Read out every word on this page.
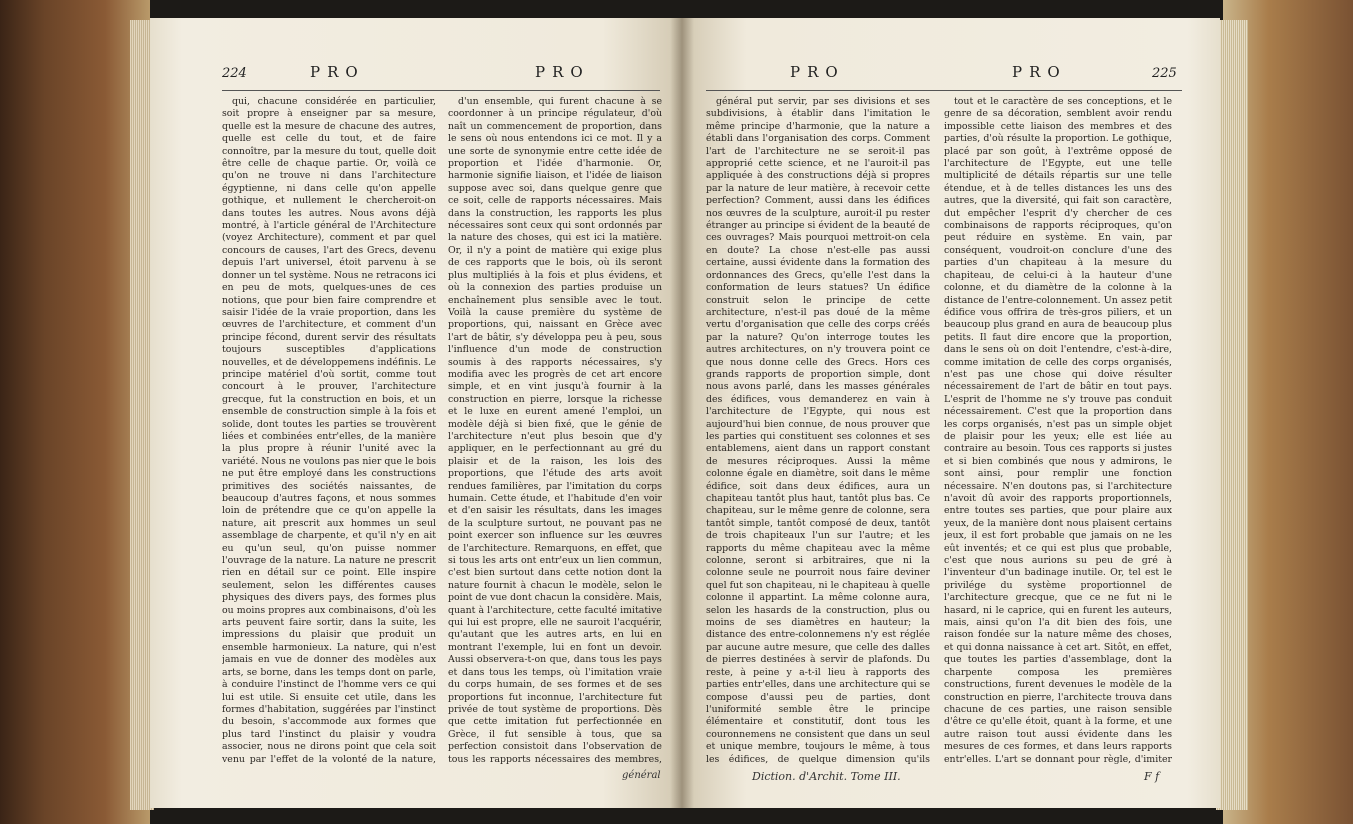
224	PRO	PRO

qui, chacune considérée en particulier, soit propre à enseigner par sa mesure, quelle est la mesure de chacune des autres, quelle est celle du tout, et de faire connoître, par la mesure du tout, quelle doit être celle de chaque partie. Or, voilà ce qu'on ne trouve ni dans l'architecture égyptienne, ni dans celle qu'on appelle gothique, et nullement le chercheroit-on dans toutes les autres. Nous avons déjà montré, à l'article général de l'Architecture (voyez Architecture), comment et par quel concours de causes, l'art des Grecs, devenu depuis l'art universel, étoit parvenu à se donner un tel système. Nous ne retracons ici en peu de mots, quelques-unes de ces notions, que pour bien faire comprendre et saisir l'idée de la vraie proportion, dans les œuvres de l'architecture, et comment d'un principe fécond, durent servir des résultats toujours susceptibles d'applications nouvelles, et de développemens indéfinis. Le principe matériel d'où sortit, comme tout concourt à le prouver, l'architecture grecque, fut la construction en bois, et un ensemble de construction simple à la fois et solide, dont toutes les parties se trouvèrent liées et combinées entr'elles, de la manière la plus propre à réunir l'unité avec la variété. Nous ne voulons pas nier que le bois ne put être employé dans les constructions primitives des sociétés naissantes, de beaucoup d'autres façons, et nous sommes loin de prétendre que ce qu'on appelle la nature, ait prescrit aux hommes un seul assemblage de charpente, et qu'il n'y en ait eu qu'un seul, qu'on puisse nommer l'ouvrage de la nature. La nature ne prescrit rien en détail sur ce point. Elle inspire seulement, selon les différentes causes physiques des divers pays, des formes plus ou moins propres aux combinaisons, d'où les arts peuvent faire sortir, dans la suite, les impressions du plaisir que produit un ensemble harmonieux. La nature, qui n'est jamais en vue de donner des modèles aux arts, se borne, dans les temps dont on parle, à conduire l'instinct de l'homme vers ce qui lui est utile. Si ensuite cet utile, dans les formes d'habitation, suggérées par l'instinct du besoin, s'accommode aux formes que plus tard l'instinct du plaisir y voudra associer, nous ne dirons point que cela soit venu par l'effet de la volonté de la nature,

d'un ensemble, qui furent chacune à se coordonner à un principe régulateur, d'où naît un commencement de proportion, dans le sens où nous entendons ici ce mot. Il y a une sorte de synonymie entre cette idée de proportion et l'idée d'harmonie. Or, harmonie signifie liaison, et l'idée de liaison suppose avec soi, dans quelque genre que ce soit, celle de rapports nécessaires. Mais dans la construction, les rapports les plus nécessaires sont ceux qui sont ordonnés par la nature des choses, qui est ici la matière. Or, il n'y a point de matière qui exige plus de ces rapports que le bois, où ils seront plus multipliés à la fois et plus évidens, et où la connexion des parties produise un enchaînement plus sensible avec le tout. Voilà la cause première du système de proportions, qui, naissant en Grèce avec l'art de bâtir, s'y développa peu à peu, sous l'influence d'un mode de construction soumis à des rapports nécessaires, s'y modifia avec les progrès de cet art encore simple, et en vint jusqu'à fournir à la construction en pierre, lorsque la richesse et le luxe en eurent amené l'emploi, un modèle déjà si bien fixé, que le génie de l'architecture n'eut plus besoin que d'y appliquer, en le perfectionnant au gré du plaisir et de la raison, les lois des proportions, que l'étude des arts avoit rendues familières, par l'imitation du corps humain. Cette étude, et l'habitude d'en voir et d'en saisir les résultats, dans les images de la sculpture surtout, ne pouvant pas ne point exercer son influence sur les œuvres de l'architecture. Remarquons, en effet, que si tous les arts ont entr'eux un lien commun, c'est bien surtout dans cette notion dont la nature fournit à chacun le modèle, selon le point de vue dont chacun la considère. Mais, quant à l'architecture, cette faculté imitative qui lui est propre, elle ne sauroit l'acquérir, qu'autant que les autres arts, en lui en montrant l'exemple, lui en font un devoir. Aussi observera-t-on que, dans tous les pays et dans tous les temps, où l'imitation vraie du corps humain, de ses formes et de ses proportions fut inconnue, l'architecture fut privée de tout système de proportions. Dès que cette imitation fut perfectionnée en Grèce, il fut sensible à tous, que sa perfection consistoit dans l'observation de tous les rapports nécessaires des membres,

général
PRO	PRO	225

général put servir, par ses divisions et ses subdivisions, à établir dans l'imitation le même principe d'harmonie, que la nature a établi dans l'organisation des corps. Comment l'art de l'architecture ne se seroit-il pas approprié cette science, et ne l'auroit-il pas appliquée à des constructions déjà si propres par la nature de leur matière, à recevoir cette perfection? Comment, aussi dans les édifices nos œuvres de la sculpture, auroit-il pu rester étranger au principe si évident de la beauté de ces ouvrages? Mais pourquoi mettroit-on cela en doute? La chose n'est-elle pas aussi certaine, aussi évidente dans la formation des ordonnances des Grecs, qu'elle l'est dans la conformation de leurs statues? Un édifice construit selon le principe de cette architecture, n'est-il pas doué de la même vertu d'organisation que celle des corps créés par la nature? Qu'on interroge toutes les autres architectures, on n'y trouvera point ce que nous donne celle des Grecs. Hors ces grands rapports de proportion simple, dont nous avons parlé, dans les masses générales des édifices, vous demanderez en vain à l'architecture de l'Egypte, qui nous est aujourd'hui bien connue, de nous prouver que les parties qui constituent ses colonnes et ses entablemens, aient dans un rapport constant de mesures réciproques. Aussi la même colonne égale en diamètre, soit dans le même édifice, soit dans deux édifices, aura un chapiteau tantôt plus haut, tantôt plus bas. Ce chapiteau, sur le même genre de colonne, sera tantôt simple, tantôt composé de deux, tantôt de trois chapiteaux l'un sur l'autre; et les rapports du même chapiteau avec la même colonne, seront si arbitraires, que ni la colonne seule ne pourroit nous faire deviner quel fut son chapiteau, ni le chapiteau à quelle colonne il appartint. La même colonne aura, selon les hasards de la construction, plus ou moins de ses diamètres en hauteur; la distance des entre-colonnemens n'y est réglée par aucune autre mesure, que celle des dalles de pierres destinées à servir de plafonds. Du reste, à peine y a-t-il lieu à rapports des parties entr'elles, dans une architecture qui se compose d'aussi peu de parties, dont l'uniformité semble être le principe élémentaire et constitutif, dont tous les couronnemens ne consistent que dans un seul et unique membre, toujours le même, à tous les édifices, de quelque dimension qu'ils

tout et le caractère de ses conceptions, et le genre de sa décoration, semblent avoir rendu impossible cette liaison des membres et des parties, d'où résulte la proportion. Le gothique, placé par son goût, à l'extrême opposé de l'architecture de l'Egypte, eut une telle multiplicité de détails répartis sur une telle étendue, et à de telles distances les uns des autres, que la diversité, qui fait son caractère, dut empêcher l'esprit d'y chercher de ces combinaisons de rapports réciproques, qu'on peut réduire en système. En vain, par conséquent, voudroit-on conclure d'une des parties d'un chapiteau à la mesure du chapiteau, de celui-ci à la hauteur d'une colonne, et du diamètre de la colonne à la distance de l'entre-colonnement. Un assez petit édifice vous offrira de très-gros piliers, et un beaucoup plus grand en aura de beaucoup plus petits. Il faut dire encore que la proportion, dans le sens où on doit l'entendre, c'est-à-dire, comme imitation de celle des corps organisés, n'est pas une chose qui doive résulter nécessairement de l'art de bâtir en tout pays. L'esprit de l'homme ne s'y trouve pas conduit nécessairement. C'est que la proportion dans les corps organisés, n'est pas un simple objet de plaisir pour les yeux; elle est liée au contraire au besoin. Tous ces rapports si justes et si bien combinés que nous y admirons, le sont ainsi, pour remplir une fonction nécessaire. N'en doutons pas, si l'architecture n'avoit dû avoir des rapports proportionnels, entre toutes ses parties, que pour plaire aux yeux, de la manière dont nous plaisent certains jeux, il est fort probable que jamais on ne les eût inventés; et ce qui est plus que probable, c'est que nous aurions su peu de gré à l'inventeur d'un badinage inutile. Or, tel est le privilége du système proportionnel de l'architecture grecque, que ce ne fut ni le hasard, ni le caprice, qui en furent les auteurs, mais, ainsi qu'on l'a dit bien des fois, une raison fondée sur la nature même des choses, et qui donna naissance à cet art. Sitôt, en effet, que toutes les parties d'assemblage, dont la charpente composa les premières constructions, furent devenues le modèle de la construction en pierre, l'architecte trouva dans chacune de ces parties, une raison sensible d'être ce qu'elle étoit, quant à la forme, et une autre raison tout aussi évidente dans les mesures de ces formes, et dans leurs rapports entr'elles. L'art se donnant pour règle, d'imiter

Diction. d'Archit. Tome III.	F f
